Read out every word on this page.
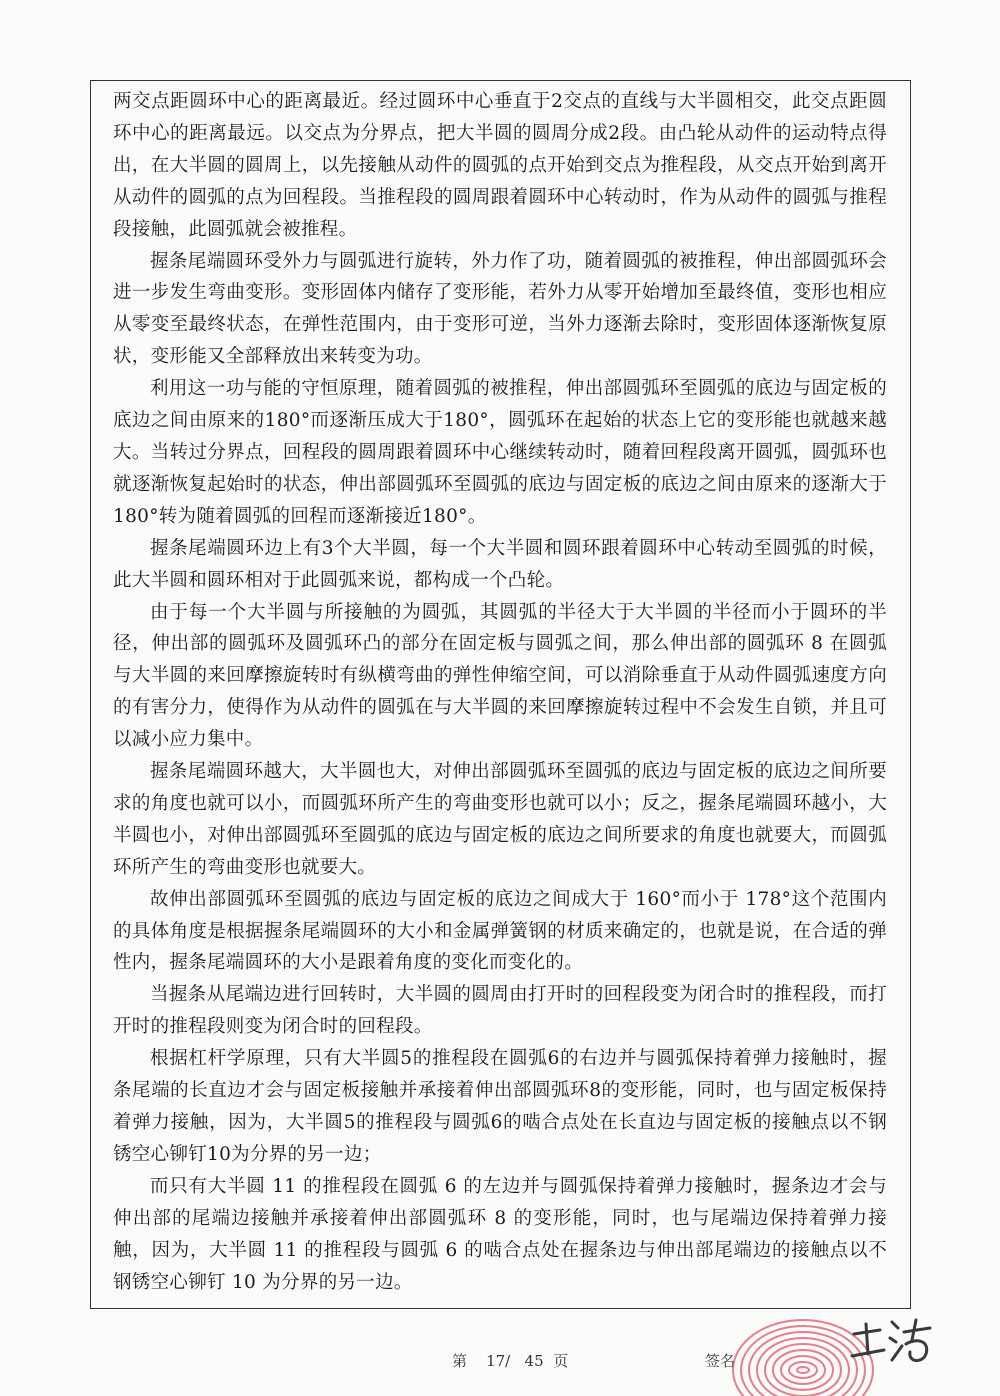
两交点距圆环中心的距离最近。经过圆环中心垂直于2交点的直线与大半圆相交，此交点距圆环中心的距离最远。以交点为分界点，把大半圆的圆周分成2段。由凸轮从动件的运动特点得出，在大半圆的圆周上，以先接触从动件的圆弧的点开始到交点为推程段，从交点开始到离开从动件的圆弧的点为回程段。当推程段的圆周跟着圆环中心转动时，作为从动件的圆弧与推程段接触，此圆弧就会被推程。

握条尾端圆环受外力与圆弧进行旋转，外力作了功，随着圆弧的被推程，伸出部圆弧环会进一步发生弯曲变形。变形固体内储存了变形能，若外力从零开始增加至最终值，变形也相应从零变至最终状态，在弹性范围内，由于变形可逆，当外力逐渐去除时，变形固体逐渐恢复原状，变形能又全部释放出来转变为功。

利用这一功与能的守恒原理，随着圆弧的被推程，伸出部圆弧环至圆弧的底边与固定板的底边之间由原来的180°而逐渐压成大于180°，圆弧环在起始的状态上它的变形能也就越来越大。当转过分界点，回程段的圆周跟着圆环中心继续转动时，随着回程段离开圆弧，圆弧环也就逐渐恢复起始时的状态，伸出部圆弧环至圆弧的底边与固定板的底边之间由原来的逐渐大于180°转为随着圆弧的回程而逐渐接近180°。

握条尾端圆环边上有3个大半圆，每一个大半圆和圆环跟着圆环中心转动至圆弧的时候，此大半圆和圆环相对于此圆弧来说，都构成一个凸轮。

由于每一个大半圆与所接触的为圆弧，其圆弧的半径大于大半圆的半径而小于圆环的半径，伸出部的圆弧环及圆弧环凸的部分在固定板与圆弧之间，那么伸出部的圆弧环 8 在圆弧与大半圆的来回摩擦旋转时有纵横弯曲的弹性伸缩空间，可以消除垂直于从动件圆弧速度方向的有害分力，使得作为从动件的圆弧在与大半圆的来回摩擦旋转过程中不会发生自锁，并且可以减小应力集中。

握条尾端圆环越大，大半圆也大，对伸出部圆弧环至圆弧的底边与固定板的底边之间所要求的角度也就可以小，而圆弧环所产生的弯曲变形也就可以小；反之，握条尾端圆环越小，大半圆也小，对伸出部圆弧环至圆弧的底边与固定板的底边之间所要求的角度也就要大，而圆弧环所产生的弯曲变形也就要大。

故伸出部圆弧环至圆弧的底边与固定板的底边之间成大于 160°而小于 178°这个范围内的具体角度是根据握条尾端圆环的大小和金属弹簧钢的材质来确定的，也就是说，在合适的弹性内，握条尾端圆环的大小是跟着角度的变化而变化的。

当握条从尾端边进行回转时，大半圆的圆周由打开时的回程段变为闭合时的推程段，而打开时的推程段则变为闭合时的回程段。

根据杠杆学原理，只有大半圆5的推程段在圆弧6的右边并与圆弧保持着弹力接触时，握条尾端的长直边才会与固定板接触并承接着伸出部圆弧环8的变形能，同时，也与固定板保持着弹力接触，因为，大半圆5的推程段与圆弧6的啮合点处在长直边与固定板的接触点以不钢锈空心铆钉10为分界的另一边；

而只有大半圆 11 的推程段在圆弧 6 的左边并与圆弧保持着弹力接触时，握条边才会与伸出部的尾端边接触并承接着伸出部圆弧环 8 的变形能，同时，也与尾端边保持着弹力接触，因为，大半圆 11 的推程段与圆弧 6 的啮合点处在握条边与伸出部尾端边的接触点以不钢锈空心铆钉 10 为分界的另一边。

第 17/ 45 页	签名
